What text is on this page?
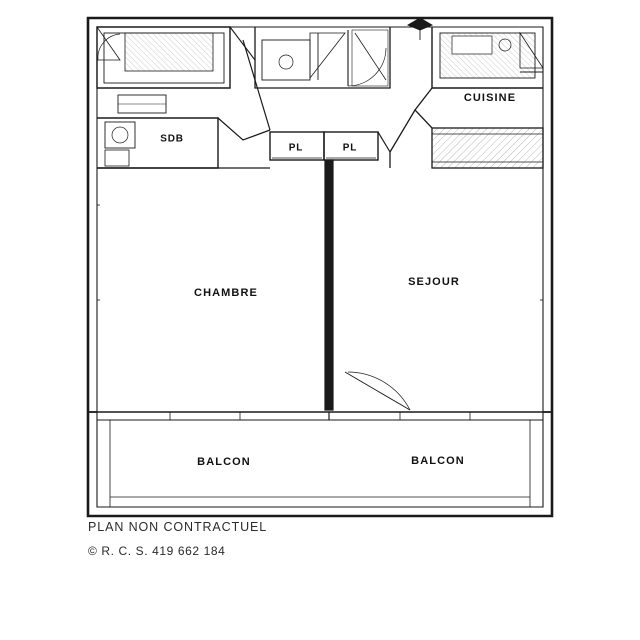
SDB
CUISINE
PL	PL
CHAMBRE
SEJOUR
BALCON	BALCON

PLAN NON CONTRACTUEL

© R. C. S. 419 662 184
